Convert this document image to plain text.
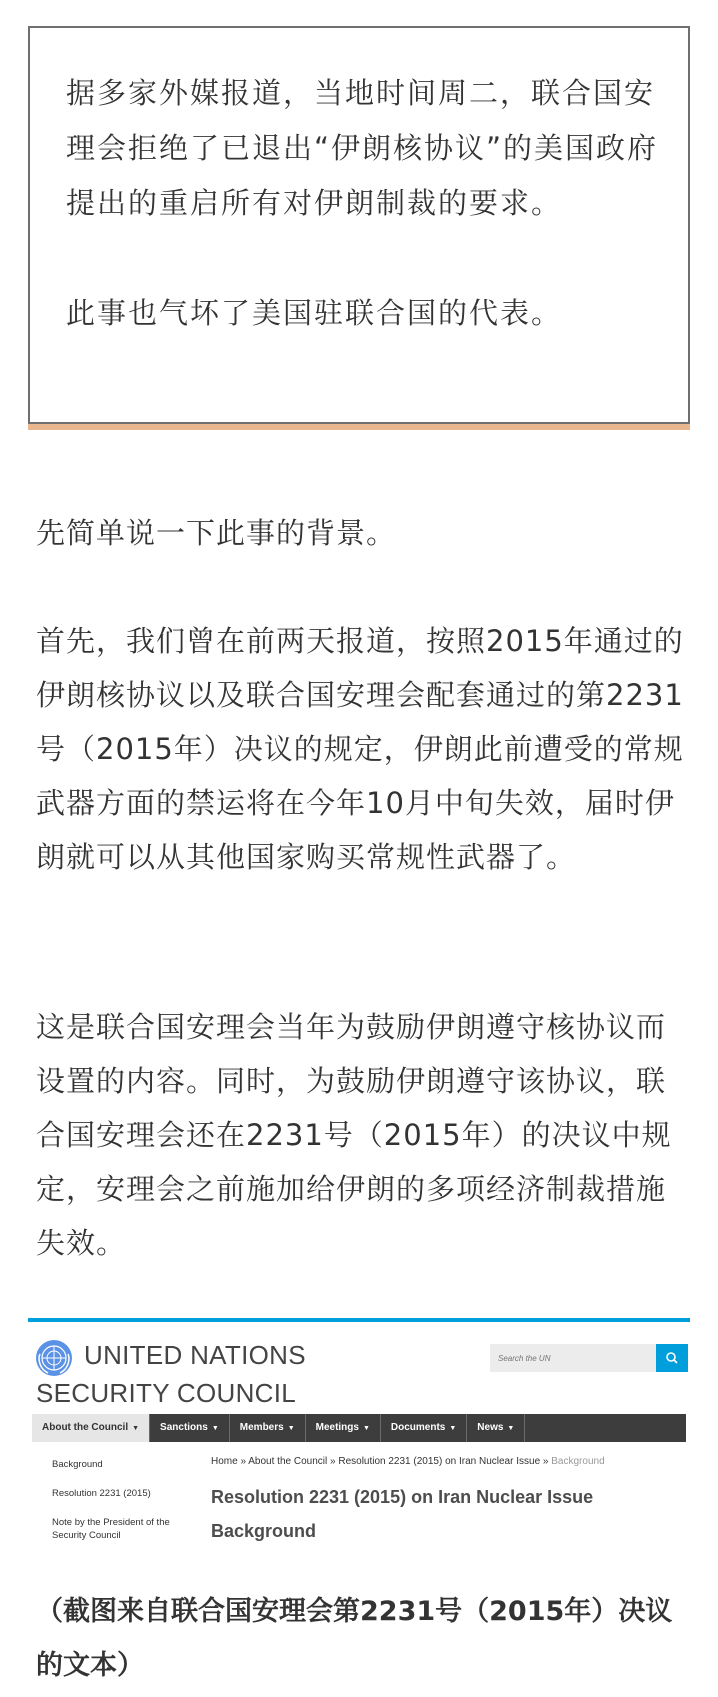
据多家外媒报道，当地时间周二，联合国安理会拒绝了已退出“伊朗核协议”的美国政府提出的重启所有对伊朗制裁的要求。

此事也气坏了美国驻联合国的代表。

先简单说一下此事的背景。

首先，我们曾在前两天报道，按照2015年通过的伊朗核协议以及联合国安理会配套通过的第2231号（2015年）决议的规定，伊朗此前遭受的常规武器方面的禁运将在今年10月中旬失效，届时伊朗就可以从其他国家购买常规性武器了。

这是联合国安理会当年为鼓励伊朗遵守核协议而设置的内容。同时，为鼓励伊朗遵守该协议，联合国安理会还在2231号（2015年）的决议中规定，安理会之前施加给伊朗的多项经济制裁措施失效。

UNITED NATIONS SECURITY COUNCIL
Search the UN
About the Council ▼	Sanctions ▼	Members ▼	Meetings ▼	Documents ▼	News ▼
Background
Resolution 2231 (2015)
Note by the President of the Security Council
Home » About the Council » Resolution 2231 (2015) on Iran Nuclear Issue » Background
Resolution 2231 (2015) on Iran Nuclear Issue
Background

（截图来自联合国安理会第2231号（2015年）决议的文本）
